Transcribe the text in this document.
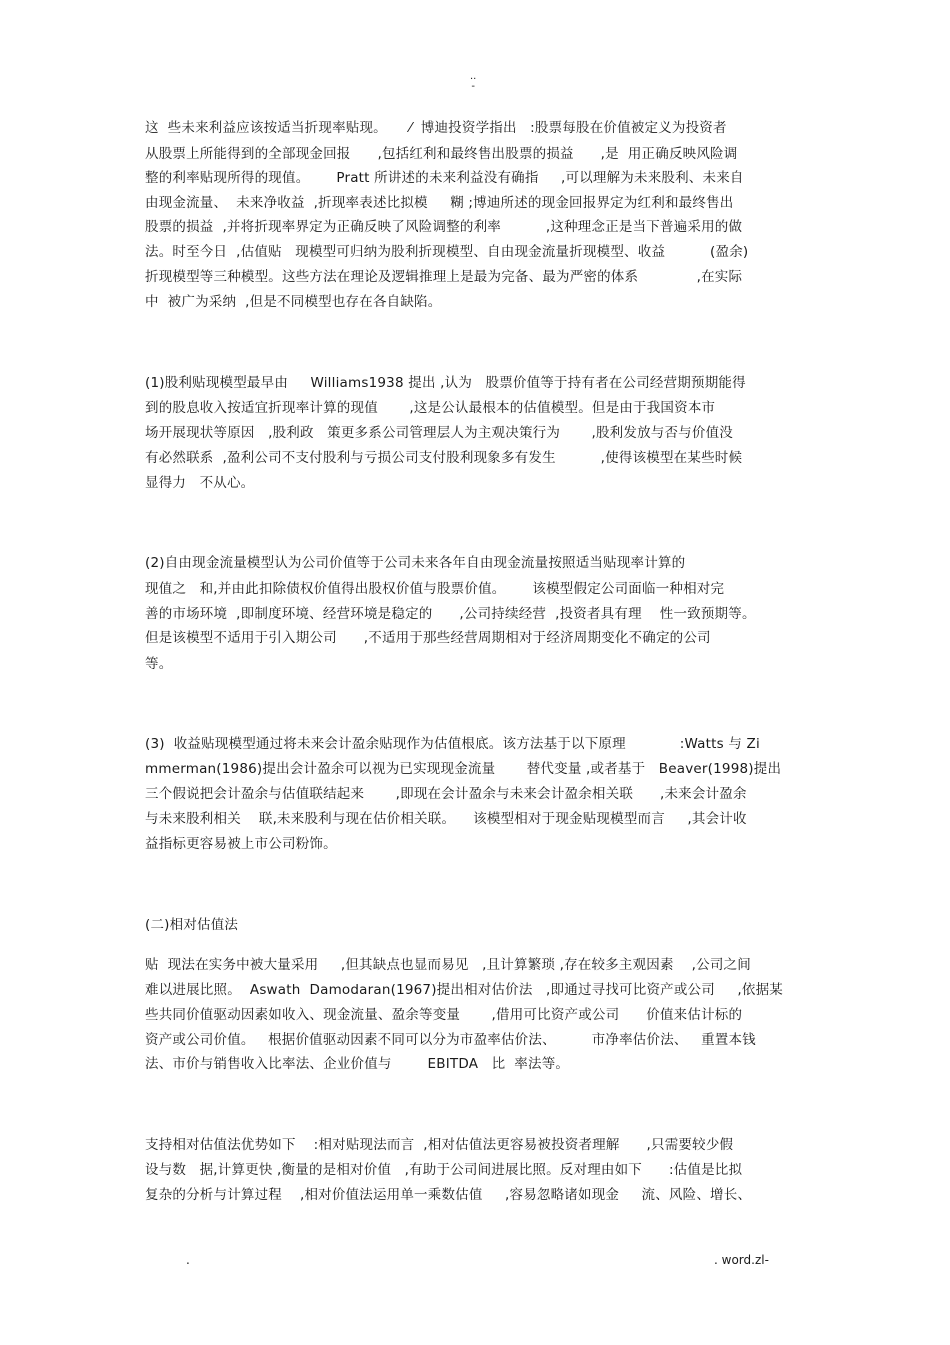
..
-
这  些未来利益应该按适当折现率贴现。     ⁄  博迪投资学指出   :股票每股在价值被定义为投资者
从股票上所能得到的全部现金回报      ,包括红利和最终售出股票的损益      ,是  用正确反映风险调
整的利率贴现所得的现值。      Pratt 所讲述的未来利益没有确指     ,可以理解为未来股利、未来自
由现金流量、  未来净收益  ,折现率表述比拟模     糊 ;博迪所述的现金回报界定为红利和最终售出
股票的损益  ,并将折现率界定为正确反映了风险调整的利率          ,这种理念正是当下普遍采用的做
法。时至今日  ,估值贴   现模型可归纳为股利折现模型、自由现金流量折现模型、收益          (盈余)
折现模型等三种模型。这些方法在理论及逻辑推理上是最为完备、最为严密的体系             ,在实际
中  被广为采纳  ,但是不同模型也存在各自缺陷。
(1)股利贴现模型最早由     Williams1938 提出 ,认为   股票价值等于持有者在公司经营期预期能得
到的股息收入按适宜折现率计算的现值       ,这是公认最根本的估值模型。但是由于我国资本市
场开展现状等原因   ,股利政   策更多系公司管理层人为主观决策行为       ,股利发放与否与价值没
有必然联系  ,盈利公司不支付股利与亏损公司支付股利现象多有发生          ,使得该模型在某些时候
显得力   不从心。
(2)自由现金流量模型认为公司价值等于公司未来各年自由现金流量按照适当贴现率计算的
现值之   和,并由此扣除债权价值得出股权价值与股票价值。      该模型假定公司面临一种相对完
善的市场环境  ,即制度环境、经营环境是稳定的      ,公司持续经营  ,投资者具有理    性一致预期等。
但是该模型不适用于引入期公司      ,不适用于那些经营周期相对于经济周期变化不确定的公司
等。
(3)  收益贴现模型通过将未来会计盈余贴现作为估值根底。该方法基于以下原理            :Watts 与 Zi
mmerman(1986)提出会计盈余可以视为已实现现金流量       替代变量 ,或者基于   Beaver(1998)提出
三个假说把会计盈余与估值联结起来       ,即现在会计盈余与未来会计盈余相关联      ,未来会计盈余
与未来股利相关    联,未来股利与现在估价相关联。    该模型相对于现金贴现模型而言     ,其会计收
益指标更容易被上市公司粉饰。
(二)相对估值法
贴  现法在实务中被大量采用     ,但其缺点也显而易见   ,且计算繁琐 ,存在较多主观因素    ,公司之间
难以进展比照。  Aswath  Damodaran(1967)提出相对估价法   ,即通过寻找可比资产或公司     ,依据某
些共同价值驱动因素如收入、现金流量、盈余等变量       ,借用可比资产或公司      价值来估计标的
资产或公司价值。   根据价值驱动因素不同可以分为市盈率估价法、        市净率估价法、   重置本钱
法、市价与销售收入比率法、企业价值与        EBITDA   比  率法等。
支持相对估值法优势如下    :相对贴现法而言  ,相对估值法更容易被投资者理解      ,只需要较少假
设与数   据,计算更快 ,衡量的是相对价值   ,有助于公司间进展比照。反对理由如下      :估值是比拟
复杂的分析与计算过程    ,相对价值法运用单一乘数估值     ,容易忽略诸如现金     流、风险、增长、
.	. word.zl-
